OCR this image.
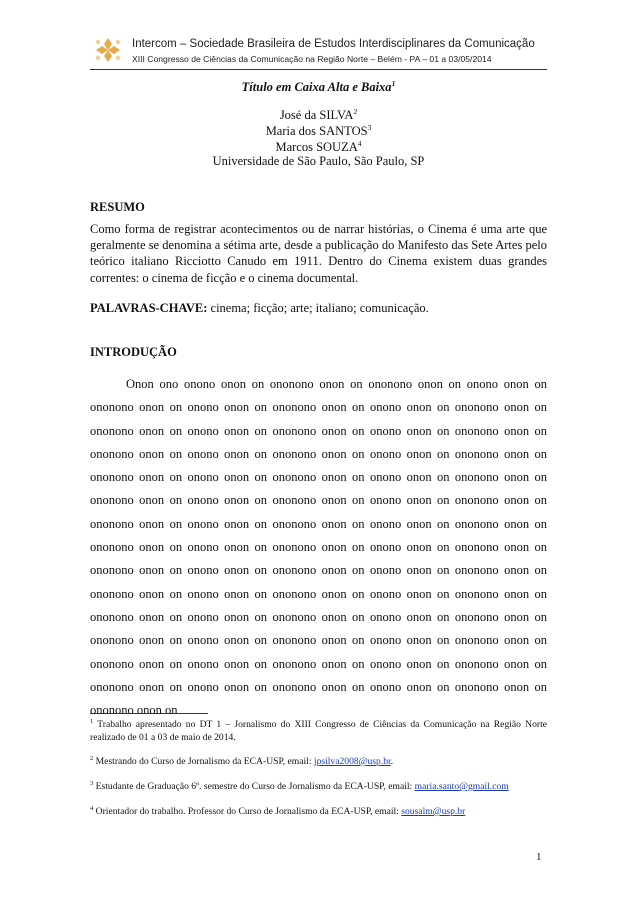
Intercom – Sociedade Brasileira de Estudos Interdisciplinares da Comunicação
XIII Congresso de Ciências da Comunicação na Região Norte – Belém - PA – 01 a 03/05/2014
Título em Caixa Alta e Baixa$^1$
José da SILVA$^2$
Maria dos SANTOS$^3$
Marcos SOUZA$^4$
Universidade de São Paulo, São Paulo, SP
RESUMO
Como forma de registrar acontecimentos ou de narrar histórias, o Cinema é uma arte que geralmente se denomina a sétima arte, desde a publicação do Manifesto das Sete Artes pelo teórico italiano Ricciotto Canudo em 1911. Dentro do Cinema existem duas grandes correntes: o cinema de ficção e o cinema documental.
PALAVRAS-CHAVE: cinema; ficção; arte; italiano; comunicação.
INTRODUÇÃO
Onon ono onono onon on ononono onon on ononono onon on onono onon on ononono onon on onono onon on ononono onon on onono onon on ononono onon on ononono onon on onono onon on ononono onon on onono onon on ononono onon on ononono onon on onono onon on ononono onon on onono onon on ononono onon on ononono onon on onono onon on ononono onon on onono onon on ononono onon on ononono onon on onono onon on ononono onon on onono onon on ononono onon on ononono onon on onono onon on ononono onon on onono onon on ononono onon on ononono onon on onono onon on ononono onon on onono onon on ononono onon on ononono onon on onono onon on ononono onon on onono onon on ononono onon on ononono onon on onono onon on ononono onon on onono onon on ononono onon on ononono onon on onono onon on ononono onon on onono onon on ononono onon on ononono onon on onono onon on ononono onon on onono onon on ononono onon on ononono onon on onono onon on ononono onon on onono onon on ononono onon on ononono onon on onono onon on ononono onon on onono onon on ononono onon on ononono onon on
$^1$ Trabalho apresentado no DT 1 – Jornalismo do XIII Congresso de Ciências da Comunicação na Região Norte realizado de 01 a 03 de maio de 2014.
$^2$ Mestrando do Curso de Jornalismo da ECA-USP, email: jpsilva2008@usp.br.
$^3$ Estudante de Graduação 6º. semestre do Curso de Jornalismo da ECA-USP, email: maria.santo@gmail.com
$^4$ Orientador do trabalho. Professor do Curso de Jornalismo da ECA-USP, email: sousalm@usp.br
1
